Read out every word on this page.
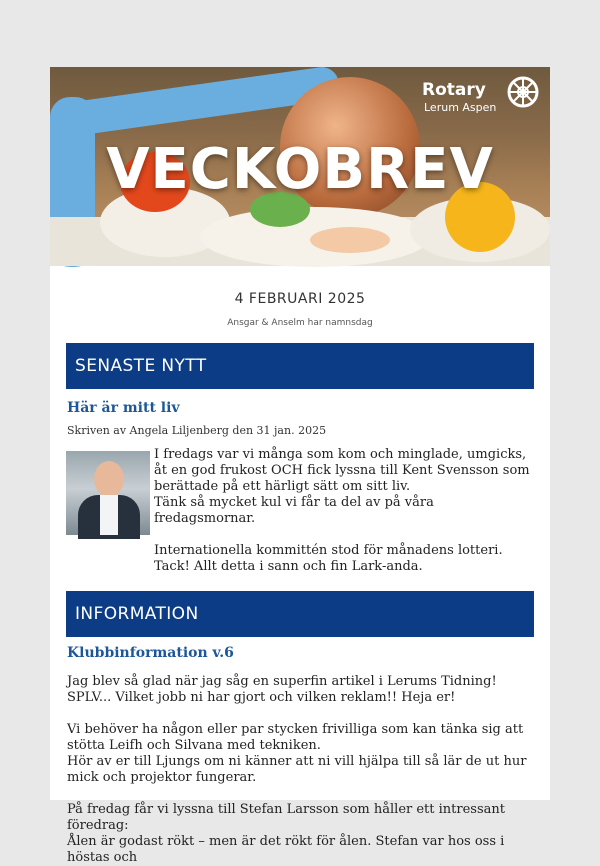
VECKOBREV
Rotary
Lerum Aspen
4 FEBRUARI 2025
Ansgar & Anselm har namnsdag
SENASTE NYTT
Här är mitt liv
Skriven av Angela Liljenberg den 31 jan. 2025

I fredags var vi många som kom och minglade, umgicks, åt en god frukost OCH fick lyssna till Kent Svensson som berättade på ett härligt sätt om sitt liv.

Tänk så mycket kul vi får ta del av på våra fredagsmornar.

Internationella kommittén stod för månadens lotteri. Tack! Allt detta i sann och fin Lark-anda.

INFORMATION
Klubbinformation v.6

Jag blev så glad när jag såg en superfin artikel i Lerums Tidning! SPLV... Vilket jobb ni har gjort och vilken reklam!! Heja er!

Vi behöver ha någon eller par stycken frivilliga som kan tänka sig att stötta Leifh och Silvana med tekniken.

Hör av er till Ljungs om ni känner att ni vill hjälpa till så lär de ut hur mick och projektor fungerar.

På fredag får vi lyssna till Stefan Larsson som håller ett intressant föredrag:

Ålen är godast rökt – men är det rökt för ålen. Stefan var hos oss i höstas och
